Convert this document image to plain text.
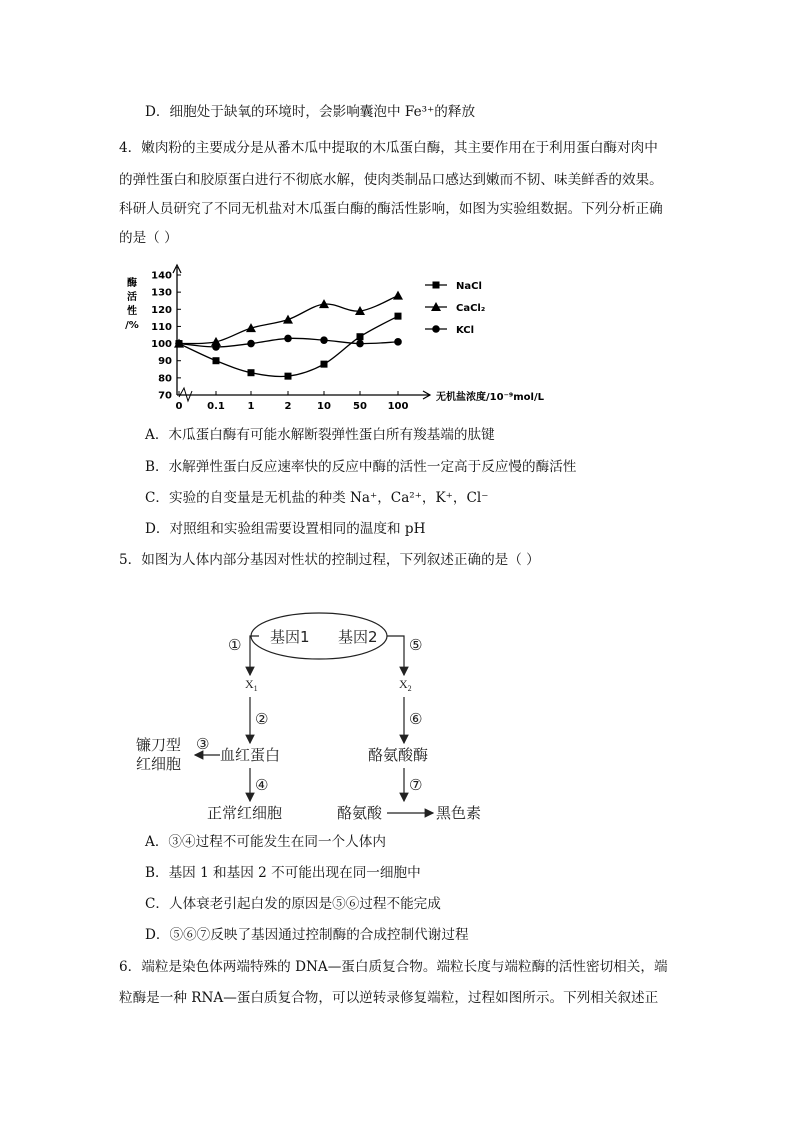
D．细胞处于缺氧的环境时，会影响囊泡中 Fe³⁺的释放
4．嫩肉粉的主要成分是从番木瓜中提取的木瓜蛋白酶，其主要作用在于利用蛋白酶对肉中
的弹性蛋白和胶原蛋白进行不彻底水解，使肉类制品口感达到嫩而不韧、味美鲜香的效果。
科研人员研究了不同无机盐对木瓜蛋白酶的酶活性影响，如图为实验组数据。下列分析正确
的是（ ）
70
80
90
100
110
120
130
140
0 0.1 1	2	10 50 100
酶
活
性
/%
无机盐浓度/10⁻⁹mol/L
NaCl
CaCl₂
KCl
A．木瓜蛋白酶有可能水解断裂弹性蛋白所有羧基端的肽键
B．水解弹性蛋白反应速率快的反应中酶的活性一定高于反应慢的酶活性
C．实验的自变量是无机盐的种类 Na⁺，Ca²⁺，K⁺，Cl⁻
D．对照组和实验组需要设置相同的温度和 pH
5．如图为人体内部分基因对性状的控制过程，下列叙述正确的是（ ）
基因1 基因2
①	⑤
$X_1$	$X_2$
②	⑥
血红蛋白
③
镰刀型
红细胞	酪氨酸酶
④	⑦
正常红细胞	酪氨酸	黑色素
A．③④过程不可能发生在同一个人体内
B．基因 1 和基因 2 不可能出现在同一细胞中
C．人体衰老引起白发的原因是⑤⑥过程不能完成
D．⑤⑥⑦反映了基因通过控制酶的合成控制代谢过程
6．端粒是染色体两端特殊的 DNA—蛋白质复合物。端粒长度与端粒酶的活性密切相关，端
粒酶是一种 RNA—蛋白质复合物，可以逆转录修复端粒，过程如图所示。下列相关叙述正
